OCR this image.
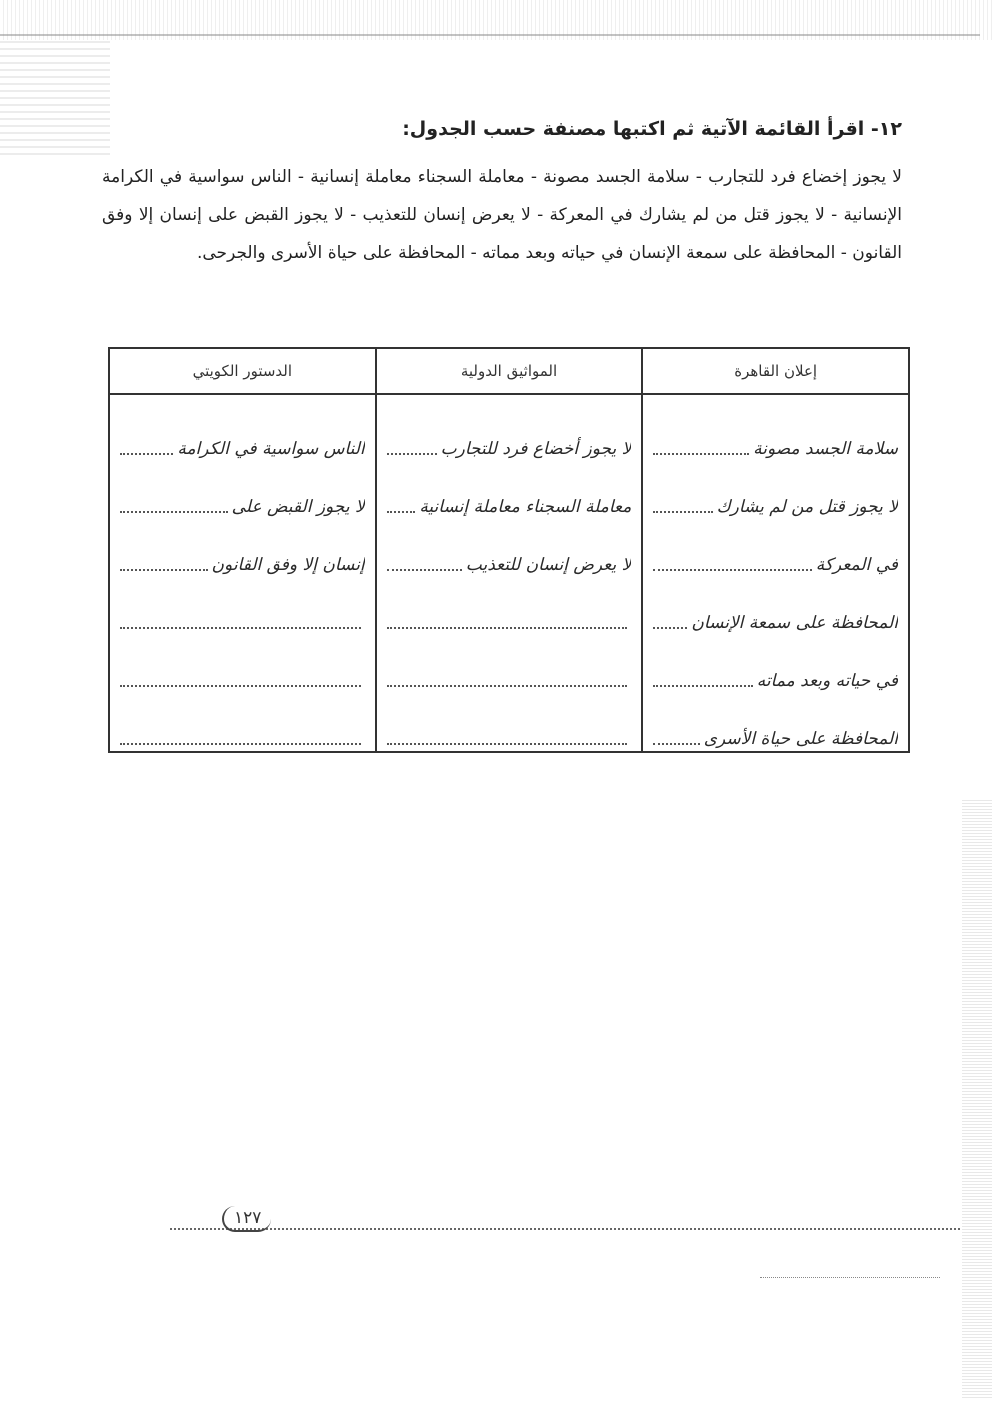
١٢- اقرأ القائمة الآتية ثم اكتبها مصنفة حسب الجدول:
لا يجوز إخضاع فرد للتجارب - سلامة الجسد مصونة - معاملة السجناء معاملة إنسانية - الناس سواسية في الكرامة الإنسانية - لا يجوز قتل من لم يشارك في المعركة - لا يعرض إنسان للتعذيب - لا يجوز القبض على إنسان إلا وفق القانون - المحافظة على سمعة الإنسان في حياته وبعد مماته - المحافظة على حياة الأسرى والجرحى.
إعلان القاهرة
المواثيق الدولية
الدستور الكويتي
سلامة الجسد مصونة
لا يجوز قتل من لم يشارك
في المعركة
المحافظة على سمعة الإنسان
في حياته وبعد مماته
المحافظة على حياة الأسرى
لا يجوز أخضاع فرد للتجارب
معاملة السجناء معاملة إنسانية
لا يعرض إنسان للتعذيب
الناس سواسية في الكرامة
لا يجوز القبض على
إنسان إلا وفق القانون
١٢٧
